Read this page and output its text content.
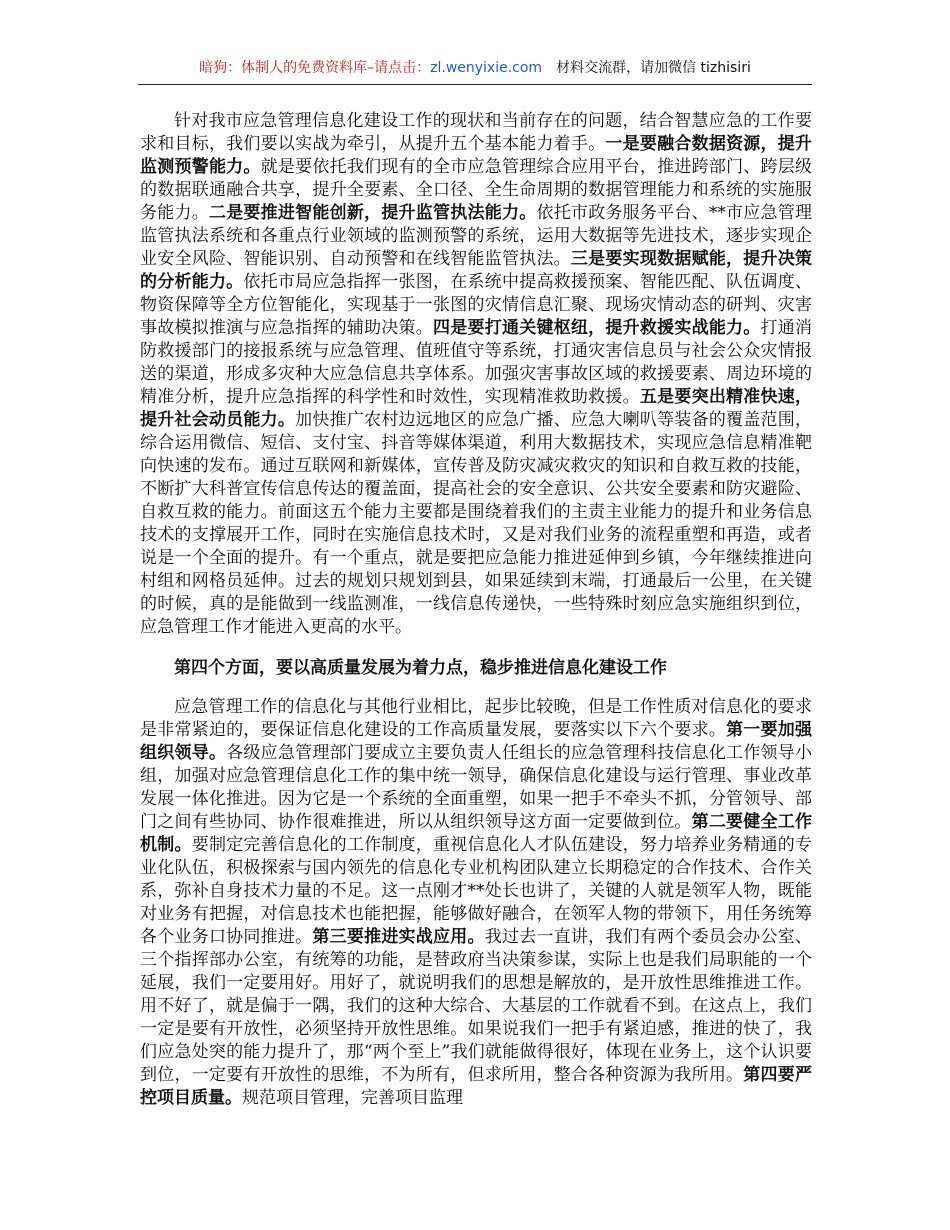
暗狗：体制人的免费资料库–请点击：zl.wenyixie.com 材料交流群，请加微信 tizhisiri

针对我市应急管理信息化建设工作的现状和当前存在的问题，结合智慧应急的工作要求和目标，我们要以实战为牵引，从提升五个基本能力着手。一是要融合数据资源，提升监测预警能力。就是要依托我们现有的全市应急管理综合应用平台，推进跨部门、跨层级的数据联通融合共享，提升全要素、全口径、全生命周期的数据管理能力和系统的实施服务能力。二是要推进智能创新，提升监管执法能力。依托市政务服务平台、**市应急管理监管执法系统和各重点行业领域的监测预警的系统，运用大数据等先进技术，逐步实现企业安全风险、智能识别、自动预警和在线智能监管执法。三是要实现数据赋能，提升决策的分析能力。依托市局应急指挥一张图，在系统中提高救援预案、智能匹配、队伍调度、物资保障等全方位智能化，实现基于一张图的灾情信息汇聚、现场灾情动态的研判、灾害事故模拟推演与应急指挥的辅助决策。四是要打通关键枢纽，提升救援实战能力。打通消防救援部门的接报系统与应急管理、值班值守等系统，打通灾害信息员与社会公众灾情报送的渠道，形成多灾种大应急信息共享体系。加强灾害事故区域的救援要素、周边环境的精准分析，提升应急指挥的科学性和时效性，实现精准救助救援。五是要突出精准快速，提升社会动员能力。加快推广农村边远地区的应急广播、应急大喇叭等装备的覆盖范围，综合运用微信、短信、支付宝、抖音等媒体渠道，利用大数据技术，实现应急信息精准靶向快速的发布。通过互联网和新媒体，宣传普及防灾减灾救灾的知识和自救互救的技能，不断扩大科普宣传信息传达的覆盖面，提高社会的安全意识、公共安全要素和防灾避险、自救互救的能力。前面这五个能力主要都是围绕着我们的主责主业能力的提升和业务信息技术的支撑展开工作，同时在实施信息技术时，又是对我们业务的流程重塑和再造，或者说是一个全面的提升。有一个重点，就是要把应急能力推进延伸到乡镇，今年继续推进向村组和网格员延伸。过去的规划只规划到县，如果延续到末端，打通最后一公里，在关键的时候，真的是能做到一线监测准，一线信息传递快，一些特殊时刻应急实施组织到位，应急管理工作才能进入更高的水平。

第四个方面，要以高质量发展为着力点，稳步推进信息化建设工作

应急管理工作的信息化与其他行业相比，起步比较晚，但是工作性质对信息化的要求是非常紧迫的，要保证信息化建设的工作高质量发展，要落实以下六个要求。第一要加强组织领导。各级应急管理部门要成立主要负责人任组长的应急管理科技信息化工作领导小组，加强对应急管理信息化工作的集中统一领导，确保信息化建设与运行管理、事业改革发展一体化推进。因为它是一个系统的全面重塑，如果一把手不牵头不抓，分管领导、部门之间有些协同、协作很难推进，所以从组织领导这方面一定要做到位。第二要健全工作机制。要制定完善信息化的工作制度，重视信息化人才队伍建设，努力培养业务精通的专业化队伍，积极探索与国内领先的信息化专业机构团队建立长期稳定的合作技术、合作关系，弥补自身技术力量的不足。这一点刚才**处长也讲了，关键的人就是领军人物，既能对业务有把握，对信息技术也能把握，能够做好融合，在领军人物的带领下，用任务统筹各个业务口协同推进。第三要推进实战应用。我过去一直讲，我们有两个委员会办公室、三个指挥部办公室，有统筹的功能，是替政府当决策参谋，实际上也是我们局职能的一个延展，我们一定要用好。用好了，就说明我们的思想是解放的，是开放性思维推进工作。用不好了，就是偏于一隅，我们的这种大综合、大基层的工作就看不到。在这点上，我们一定是要有开放性，必须坚持开放性思维。如果说我们一把手有紧迫感，推进的快了，我们应急处突的能力提升了，那“两个至上”我们就能做得很好，体现在业务上，这个认识要到位，一定要有开放性的思维，不为所有，但求所用，整合各种资源为我所用。第四要严控项目质量。规范项目管理，完善项目监理
